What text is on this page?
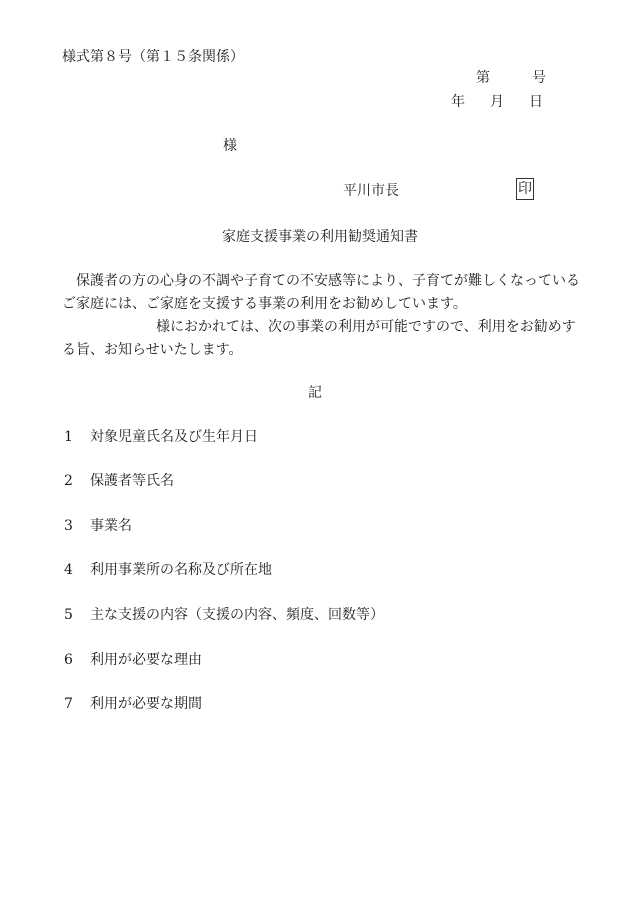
様式第８号（第１５条関係）
第	号
年 月 日
様
平川市長	印
家庭支援事業の利用勧奨通知書
保護者の方の心身の不調や子育ての不安感等により、子育てが難しくなっているご家庭には、ご家庭を支援する事業の利用をお勧めしています。
様におかれては、次の事業の利用が可能ですので、利用をお勧めする旨、お知らせいたします。
記
1 対象児童氏名及び生年月日
2 保護者等氏名
3 事業名
4 利用事業所の名称及び所在地
5 主な支援の内容（支援の内容、頻度、回数等）
6 利用が必要な理由
7 利用が必要な期間
